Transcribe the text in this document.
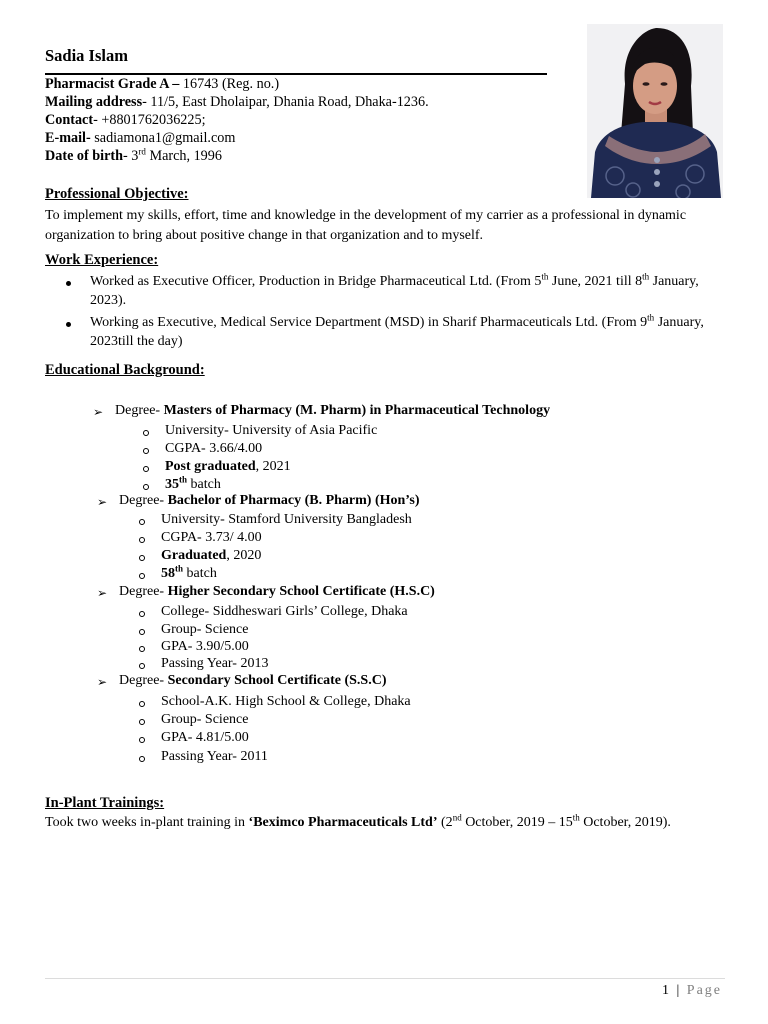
Sadia Islam
Pharmacist Grade A – 16743 (Reg. no.)
Mailing address- 11/5, East Dholaipar, Dhania Road, Dhaka-1236.
Contact- +8801762036225;
E-mail- sadiamona1@gmail.com
Date of birth- 3rd March, 1996
Professional Objective:
To implement my skills, effort, time and knowledge in the development of my carrier as a professional in dynamic organization to bring about positive change in that organization and to myself.
Work Experience:
Worked as Executive Officer, Production in Bridge Pharmaceutical Ltd. (From 5th June, 2021 till 8th January, 2023).
Working as Executive, Medical Service Department (MSD) in Sharif Pharmaceuticals Ltd. (From 9th January, 2023till the day)
Educational Background:
➢ Degree- Masters of Pharmacy (M. Pharm) in Pharmaceutical Technology
University- University of Asia Pacific
CGPA- 3.66/4.00
Post graduated, 2021
35th batch
➢ Degree- Bachelor of Pharmacy (B. Pharm) (Hon’s)
University- Stamford University Bangladesh
CGPA- 3.73/ 4.00
Graduated, 2020
58th batch
➢ Degree- Higher Secondary School Certificate (H.S.C)
College- Siddheswari Girls’ College, Dhaka
Group- Science
GPA- 3.90/5.00
Passing Year- 2013
➢ Degree- Secondary School Certificate (S.S.C)
School-A.K. High School & College, Dhaka
Group- Science
GPA- 4.81/5.00
Passing Year- 2011
In-Plant Trainings:
Took two weeks in-plant training in ‘Beximco Pharmaceuticals Ltd’ (2nd October, 2019 – 15th October, 2019).
1 | Page
